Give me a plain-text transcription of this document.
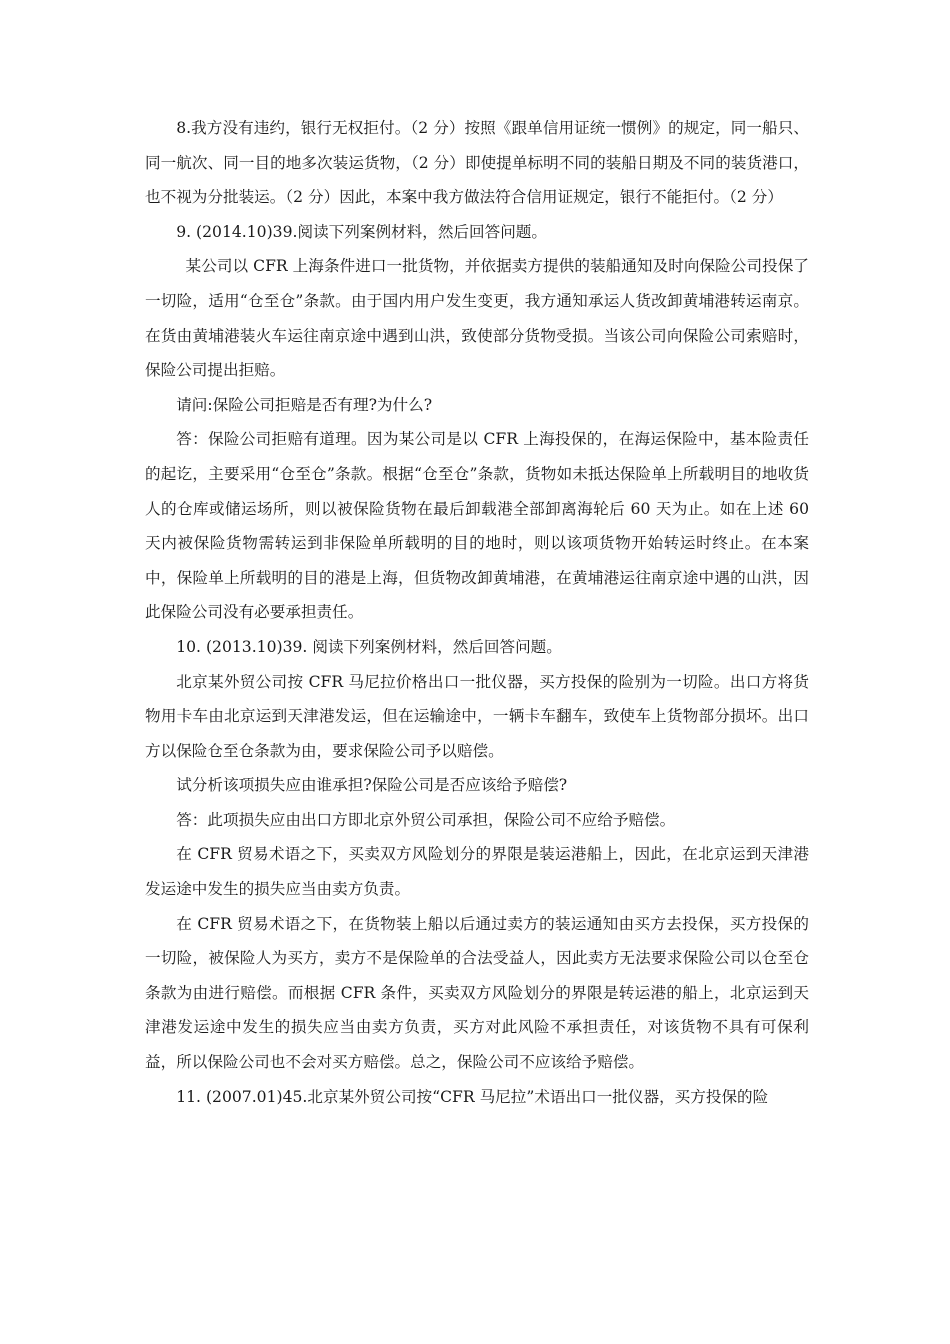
8.我方没有违约，银行无权拒付。（2 分）按照《跟单信用证统一惯例》的规定，同一船只、同一航次、同一目的地多次装运货物，（2 分）即使提单标明不同的装船日期及不同的装货港口，也不视为分批装运。（2 分）因此，本案中我方做法符合信用证规定，银行不能拒付。（2 分）

9. (2014.10)39.阅读下列案例材料，然后回答问题。

某公司以 CFR 上海条件进口一批货物，并依据卖方提供的装船通知及时向保险公司投保了一切险，适用“仓至仓”条款。由于国内用户发生变更，我方通知承运人货改卸黄埔港转运南京。在货由黄埔港装火车运往南京途中遇到山洪，致使部分货物受损。当该公司向保险公司索赔时，保险公司提出拒赔。

请问:保险公司拒赔是否有理?为什么?

答：保险公司拒赔有道理。因为某公司是以 CFR 上海投保的，在海运保险中，基本险责任的起讫，主要采用“仓至仓”条款。根据“仓至仓”条款，货物如未抵达保险单上所载明目的地收货人的仓库或储运场所，则以被保险货物在最后卸载港全部卸离海轮后 60 天为止。如在上述 60 天内被保险货物需转运到非保险单所载明的目的地时，则以该项货物开始转运时终止。在本案中，保险单上所载明的目的港是上海，但货物改卸黄埔港，在黄埔港运往南京途中遇的山洪，因此保险公司没有必要承担责任。

10. (2013.10)39. 阅读下列案例材料，然后回答问题。

北京某外贸公司按 CFR 马尼拉价格出口一批仪器，买方投保的险别为一切险。出口方将货物用卡车由北京运到天津港发运，但在运输途中，一辆卡车翻车，致使车上货物部分损坏。出口方以保险仓至仓条款为由，要求保险公司予以赔偿。

试分析该项损失应由谁承担?保险公司是否应该给予赔偿?

答：此项损失应由出口方即北京外贸公司承担，保险公司不应给予赔偿。

在 CFR 贸易术语之下，买卖双方风险划分的界限是装运港船上，因此，在北京运到天津港发运途中发生的损失应当由卖方负责。

在 CFR 贸易术语之下，在货物装上船以后通过卖方的装运通知由买方去投保，买方投保的一切险，被保险人为买方，卖方不是保险单的合法受益人，因此卖方无法要求保险公司以仓至仓条款为由进行赔偿。而根据 CFR 条件，买卖双方风险划分的界限是转运港的船上，北京运到天津港发运途中发生的损失应当由卖方负责，买方对此风险不承担责任，对该货物不具有可保利益，所以保险公司也不会对买方赔偿。总之，保险公司不应该给予赔偿。

11. (2007.01)45.北京某外贸公司按“CFR 马尼拉”术语出口一批仪器，买方投保的险
